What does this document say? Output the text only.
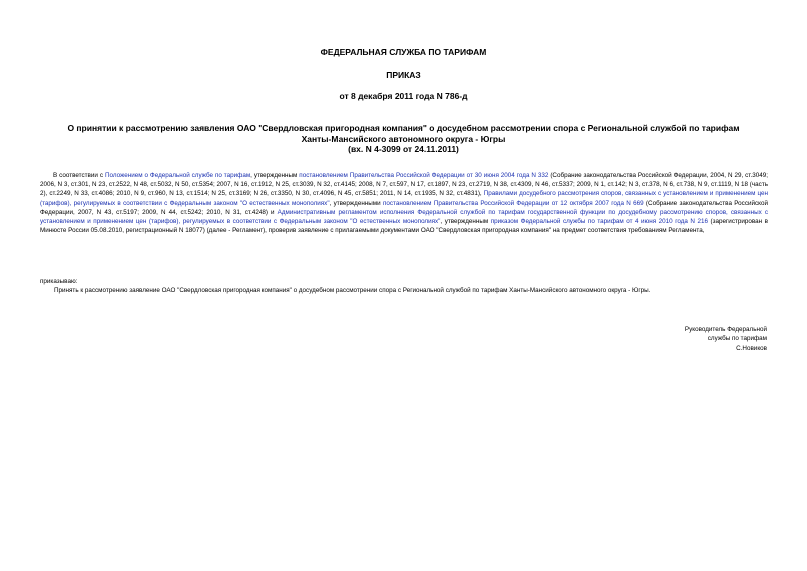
ФЕДЕРАЛЬНАЯ СЛУЖБА ПО ТАРИФАМ
ПРИКАЗ
от 8 декабря 2011 года N 786-д
О принятии к рассмотрению заявления ОАО "Свердловская пригородная компания" о досудебном рассмотрении спора с Региональной службой по тарифам
Ханты-Мансийского автономного округа - Югры
(вх. N 4-3099 от 24.11.2011)
В соответствии с Положением о Федеральной службе по тарифам, утвержденным постановлением Правительства Российской Федерации от 30 июня 2004 года N 332 (Собрание законодательства Российской Федерации, 2004, N 29, ст.3049; 2006, N 3, ст.301, N 23, ст.2522, N 48, ст.5032, N 50, ст.5354; 2007, N 16, ст.1912, N 25, ст.3039, N 32, ст.4145; 2008, N 7, ст.597, N 17, ст.1897, N 23, ст.2719, N 38, ст.4309, N 46, ст.5337; 2009, N 1, ст.142; N 3, ст.378, N 6, ст.738, N 9, ст.1119, N 18 (часть 2), ст.2249, N 33, ст.4086; 2010, N 9, ст.960, N 13, ст.1514; N 25, ст.3169; N 26, ст.3350, N 30, ст.4096, N 45, ст.5851; 2011, N 14, ст.1935, N 32, ст.4831), Правилами досудебного рассмотрения споров, связанных с установлением и применением цен (тарифов), регулируемых в соответствии с Федеральным законом "О естественных монополиях", утвержденными постановлением Правительства Российской Федерации от 12 октября 2007 года N 669 (Собрание законодательства Российской Федерации, 2007, N 43, ст.5197; 2009, N 44, ст.5242; 2010, N 31, ст.4248) и Административным регламентом исполнения Федеральной службой по тарифам государственной функции по досудебному рассмотрению споров, связанных с установлением и применением цен (тарифов), регулируемых в соответствии с Федеральным законом "О естественных монополиях", утвержденным приказом Федеральной службы по тарифам от 4 июня 2010 года N 216 (зарегистрирован в Минюсте России 05.08.2010, регистрационный N 18077) (далее - Регламент), проверив заявление с прилагаемыми документами ОАО "Свердловская пригородная компания" на предмет соответствия требованиям Регламента,
приказываю:
Принять к рассмотрению заявление ОАО "Свердловская пригородная компания" о досудебном рассмотрении спора с Региональной службой по тарифам Ханты-Мансийского автономного округа - Югры.
Руководитель Федеральной
службы по тарифам
С.Новиков
